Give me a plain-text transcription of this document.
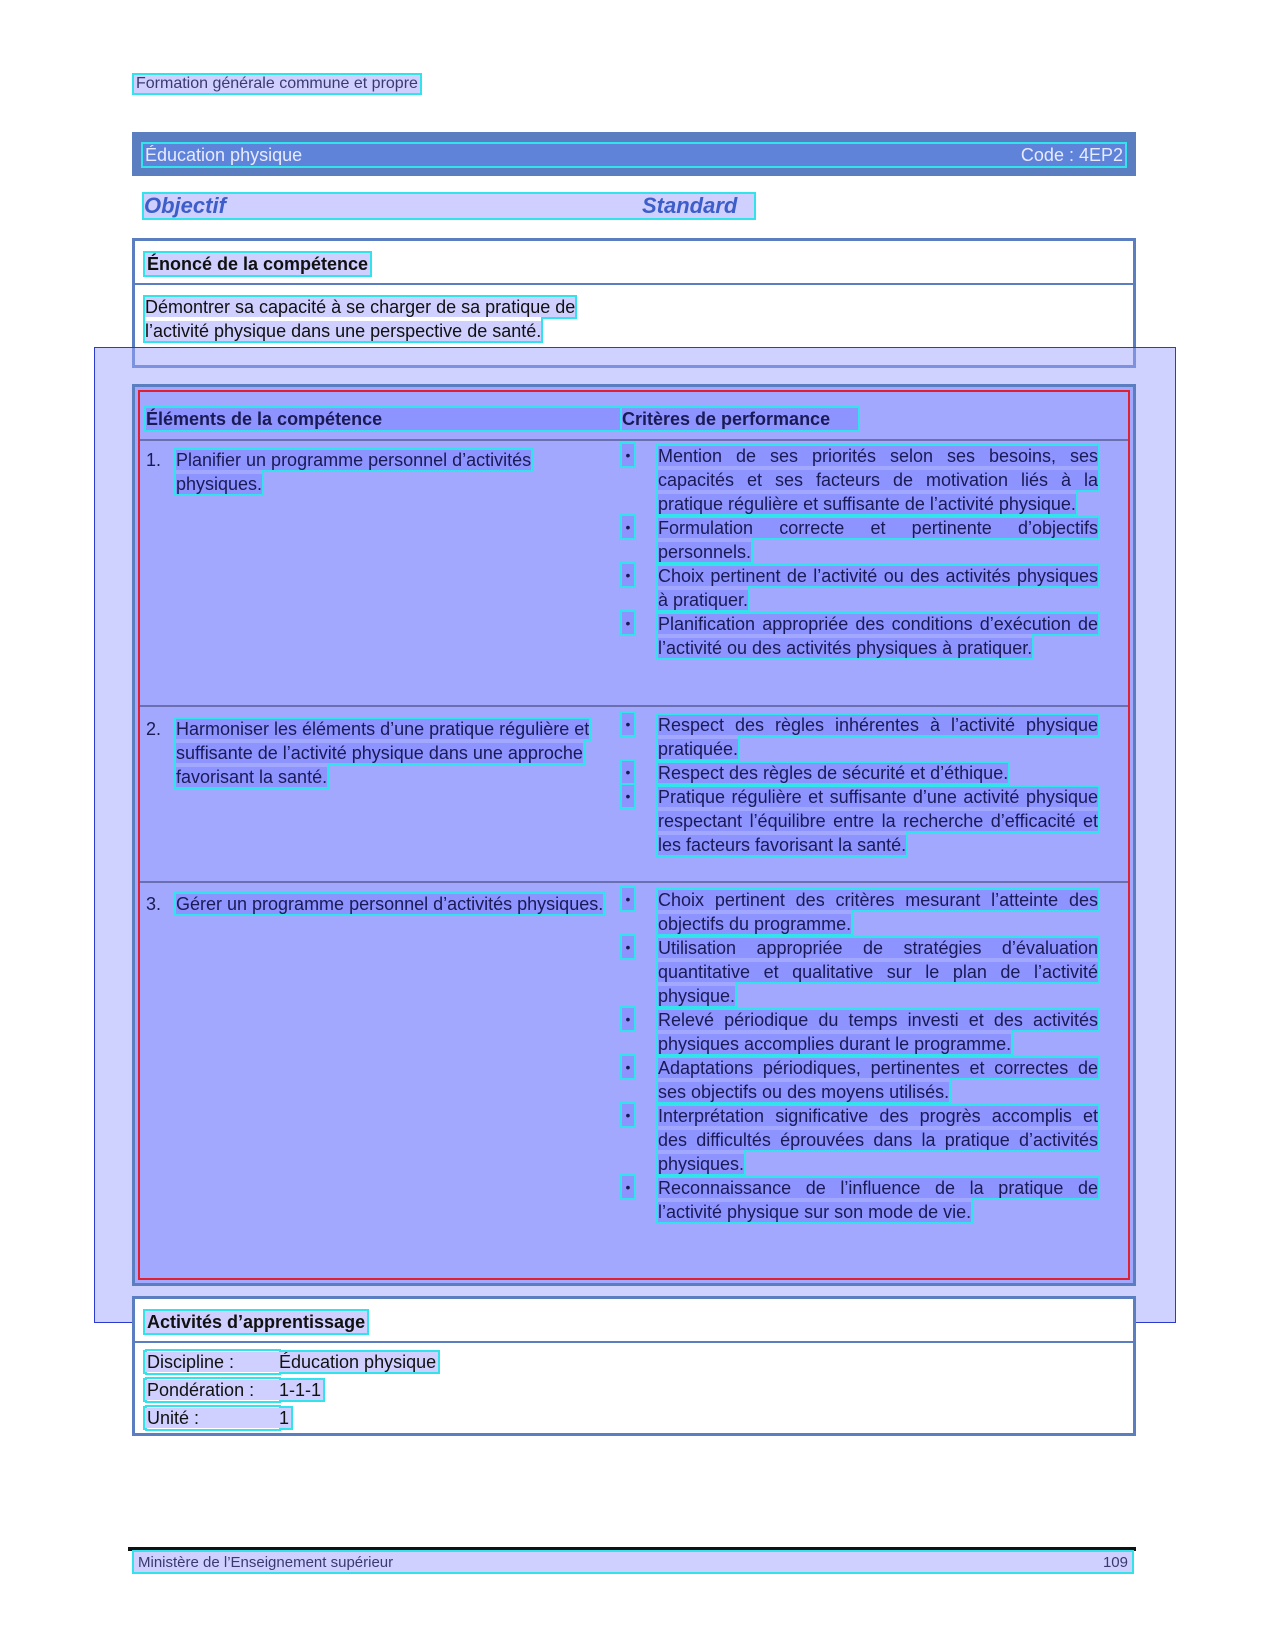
Formation générale commune et propre
Éducation physique	Code : 4EP2
Objectif	Standard
Énoncé de la compétence
Démontrer sa capacité à se charger de sa pratique de l’activité physique dans une perspective de santé.
Éléments de la compétence	Critères de performance
1. Planifier un programme personnel d’activités physiques.
• Mention de ses priorités selon ses besoins, ses capacités et ses facteurs de motivation liés à la pratique régulière et suffisante de l’activité physique.
• Formulation correcte et pertinente d’objectifs personnels.
• Choix pertinent de l’activité ou des activités physiques à pratiquer.
• Planification appropriée des conditions d’exécution de l’activité ou des activités physiques à pratiquer.
2. Harmoniser les éléments d’une pratique régulière et suffisante de l’activité physique dans une approche favorisant la santé.
• Respect des règles inhérentes à l’activité physique pratiquée.
• Respect des règles de sécurité et d’éthique.
• Pratique régulière et suffisante d’une activité physique respectant l’équilibre entre la recherche d’efficacité et les facteurs favorisant la santé.
3. Gérer un programme personnel d’activités physiques.	• Choix pertinent des critères mesurant l’atteinte des objectifs du programme.
• Utilisation appropriée de stratégies d’évaluation quantitative et qualitative sur le plan de l’activité physique.
• Relevé périodique du temps investi et des activités physiques accomplies durant le programme.
• Adaptations périodiques, pertinentes et correctes de ses objectifs ou des moyens utilisés.
• Interprétation significative des progrès accomplis et des difficultés éprouvées dans la pratique d’activités physiques.
• Reconnaissance de l’influence de la pratique de l’activité physique sur son mode de vie.
Activités d’apprentissage
Discipline : Éducation physique
Pondération : 1-1-1
Unité :	1
Ministère de l’Enseignement supérieur	109
